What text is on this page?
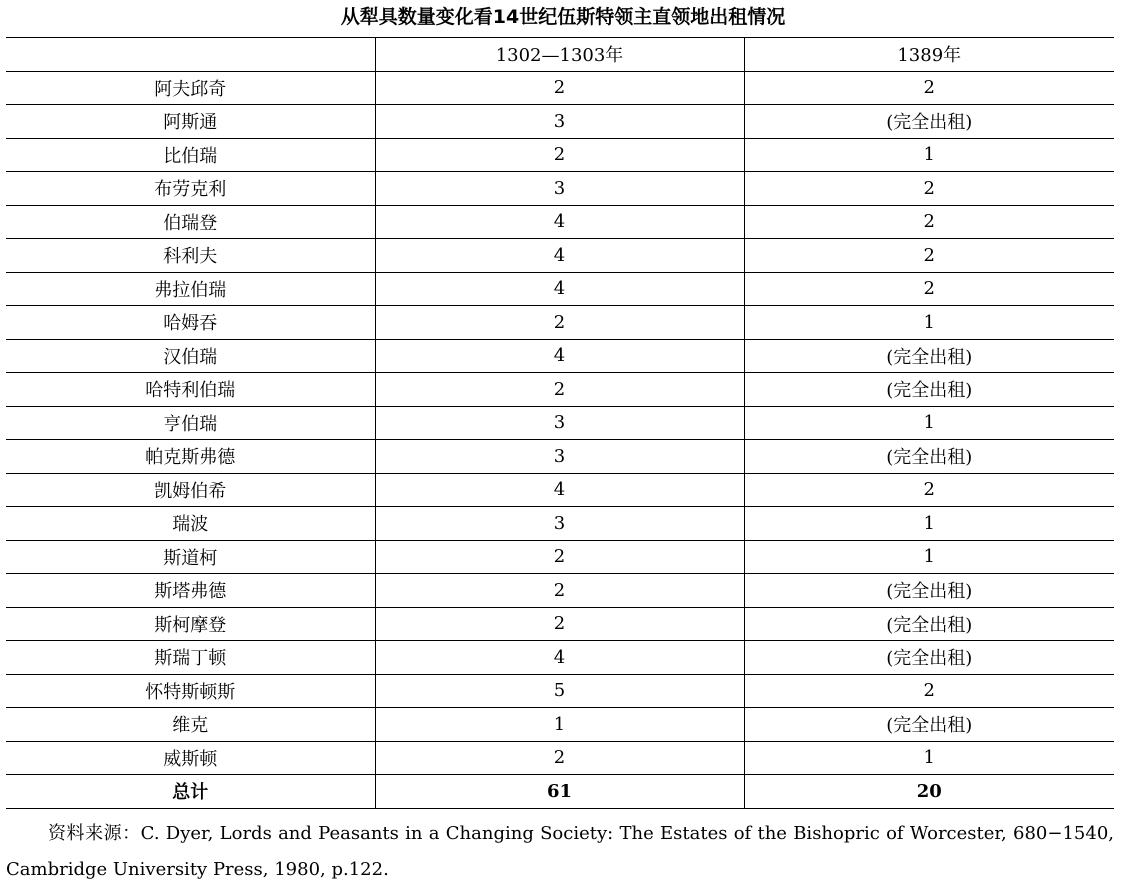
从犁具数量变化看14世纪伍斯特领主直领地出租情况
	1302—1303年	1389年
阿夫邱奇	2	2
阿斯通	3	(完全出租)
比伯瑞	2	1
布劳克利	3	2
伯瑞登	4	2
科利夫	4	2
弗拉伯瑞	4	2
哈姆吞	2	1
汉伯瑞	4	(完全出租)
哈特利伯瑞	2	(完全出租)
亨伯瑞	3	1
帕克斯弗德	3	(完全出租)
凯姆伯希	4	2
瑞波	3	1
斯道柯	2	1
斯塔弗德	2	(完全出租)
斯柯摩登	2	(完全出租)
斯瑞丁顿	4	(完全出租)
怀特斯顿斯	5	2
维克	1	(完全出租)
威斯顿	2	1
总计	61	20
资料来源：C. Dyer, Lords and Peasants in a Changing Society: The Estates of the Bishopric of Worcester, 680−1540, Cambridge University Press, 1980, p.122.
